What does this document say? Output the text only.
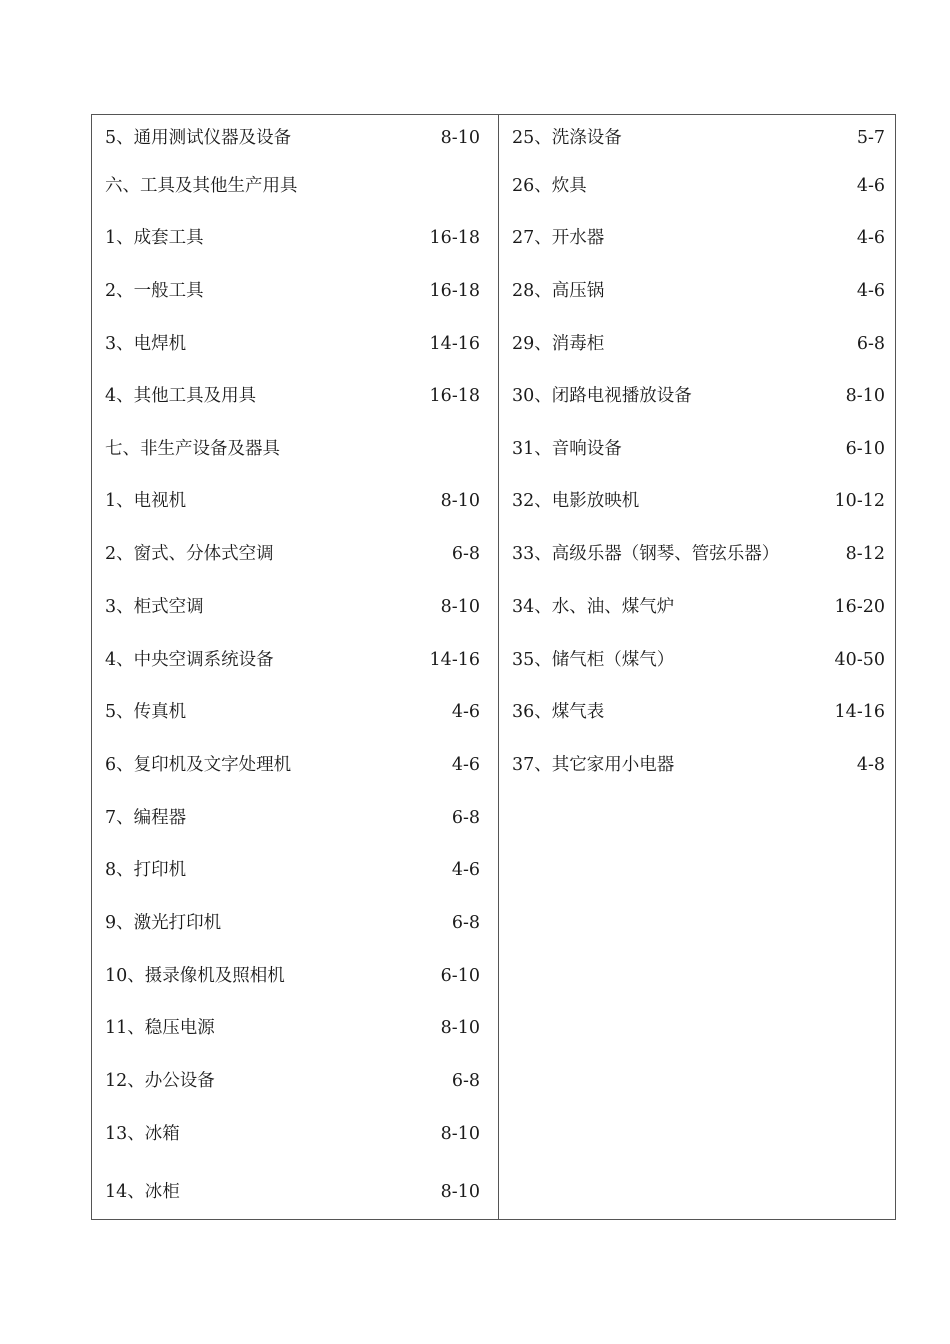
5、通用测试仪器及设备	8-10
六、工具及其他生产用具
1、成套工具	16-18
2、一般工具	16-18
3、电焊机	14-16
4、其他工具及用具	16-18
七、非生产设备及器具
1、电视机	8-10
2、窗式、分体式空调	6-8
3、柜式空调	8-10
4、中央空调系统设备	14-16
5、传真机	4-6
6、复印机及文字处理机	4-6
7、编程器	6-8
8、打印机	4-6
9、激光打印机	6-8
10、摄录像机及照相机	6-10
11、稳压电源	8-10
12、办公设备	6-8
13、冰箱	8-10
14、冰柜	8-10
25、洗涤设备	5-7
26、炊具	4-6
27、开水器	4-6
28、高压锅	4-6
29、消毒柜	6-8
30、闭路电视播放设备	8-10
31、音响设备	6-10
32、电影放映机	10-12
33、高级乐器（钢琴、管弦乐器）	8-12
34、水、油、煤气炉	16-20
35、储气柜（煤气）	40-50
36、煤气表	14-16
37、其它家用小电器	4-8
